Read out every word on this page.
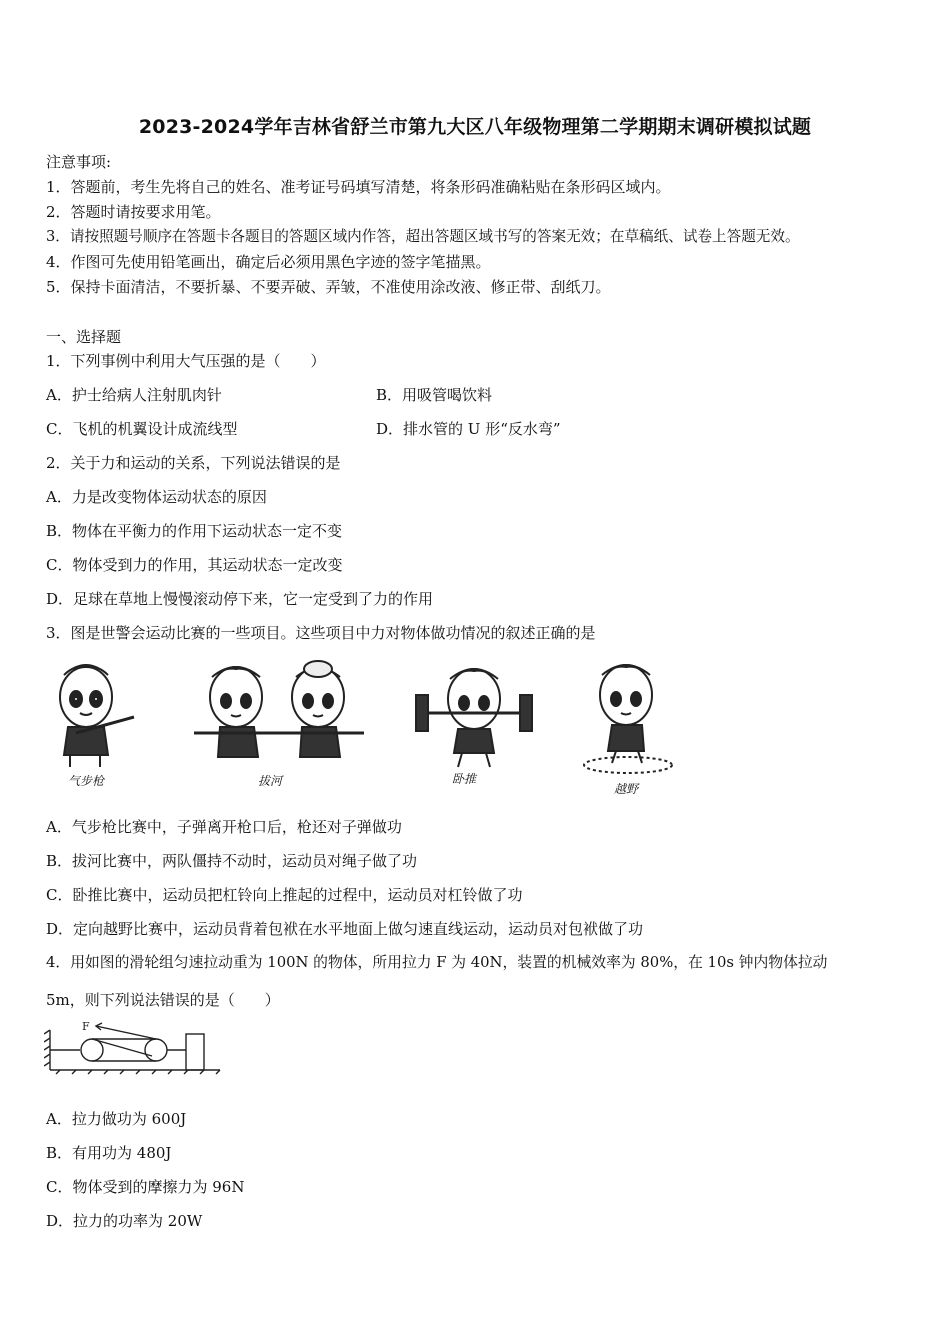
2023-2024学年吉林省舒兰市第九大区八年级物理第二学期期末调研模拟试题
注意事项:
1．答题前，考生先将自己的姓名、准考证号码填写清楚，将条形码准确粘贴在条形码区域内。
2．答题时请按要求用笔。
3．请按照题号顺序在答题卡各题目的答题区域内作答，超出答题区域书写的答案无效；在草稿纸、试卷上答题无效。
4．作图可先使用铅笔画出，确定后必须用黑色字迹的签字笔描黑。
5．保持卡面清洁，不要折暴、不要弄破、弄皱，不准使用涂改液、修正带、刮纸刀。
一、选择题
1．下列事例中利用大气压强的是（　　）
A．护士给病人注射肌肉针	B．用吸管喝饮料
C．飞机的机翼设计成流线型	D．排水管的 U 形“反水弯”
2．关于力和运动的关系，下列说法错误的是
A．力是改变物体运动状态的原因
B．物体在平衡力的作用下运动状态一定不变
C．物体受到力的作用，其运动状态一定改变
D．足球在草地上慢慢滚动停下来，它一定受到了力的作用
3．图是世警会运动比赛的一些项目。这些项目中力对物体做功情况的叙述正确的是
气步枪	拔河	卧推
越野
A．气步枪比赛中，子弹离开枪口后，枪还对子弹做功
B．拔河比赛中，两队僵持不动时，运动员对绳子做了功
C．卧推比赛中，运动员把杠铃向上推起的过程中，运动员对杠铃做了功
D．定向越野比赛中，运动员背着包袱在水平地面上做匀速直线运动，运动员对包袱做了功
4．用如图的滑轮组匀速拉动重为 100N 的物体，所用拉力 F 为 40N，装置的机械效率为 80%，在 10s 钟内物体拉动
5m，则下列说法错误的是（　　）
F
A．拉力做功为 600J
B．有用功为 480J
C．物体受到的摩擦力为 96N
D．拉力的功率为 20W
